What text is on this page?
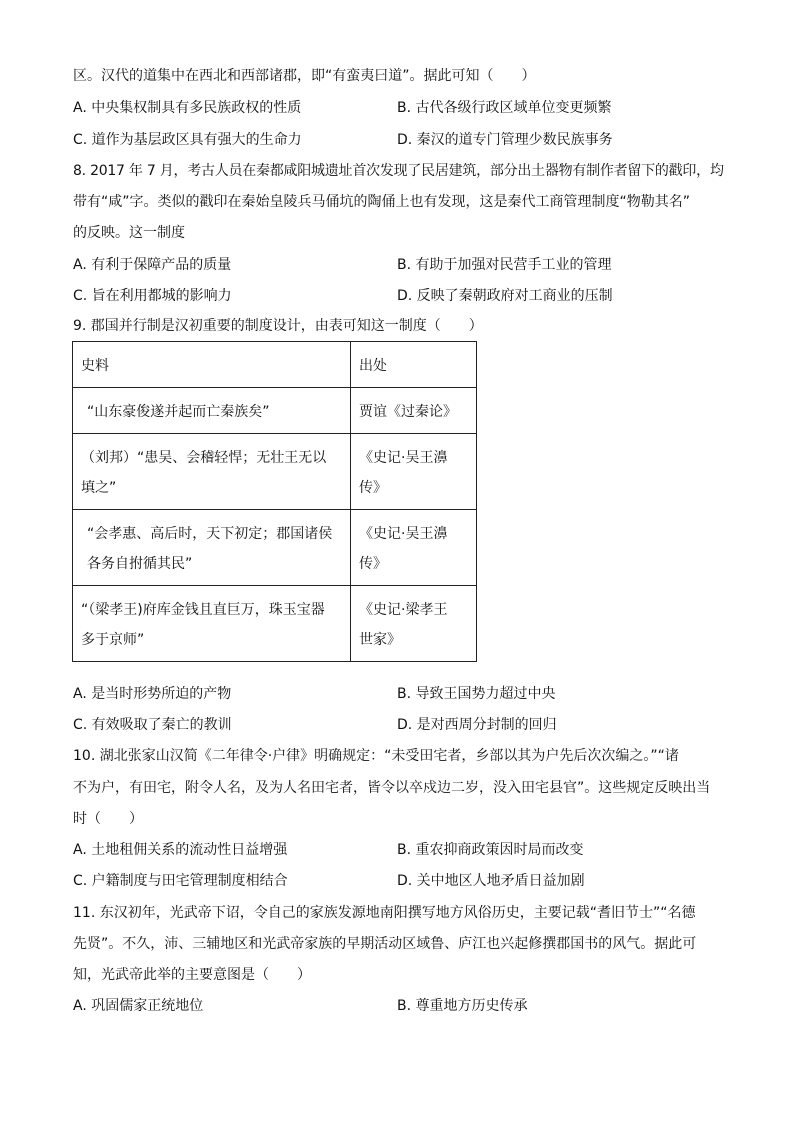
区。汉代的道集中在西北和西部诸郡，即“有蛮夷曰道”。据此可知（　　）
A. 中央集权制具有多民族政权的性质	B. 古代各级行政区域单位变更频繁
C. 道作为基层政区具有强大的生命力	D. 秦汉的道专门管理少数民族事务
8. 2017 年 7 月，考古人员在秦都咸阳城遗址首次发现了民居建筑，部分出土器物有制作者留下的戳印，均
带有“咸”字。类似的戳印在秦始皇陵兵马俑坑的陶俑上也有发现，这是秦代工商管理制度“物勒其名”
的反映。这一制度
A. 有利于保障产品的质量	B. 有助于加强对民营手工业的管理
C. 旨在利用都城的影响力	D. 反映了秦朝政府对工商业的压制
9. 郡国并行制是汉初重要的制度设计，由表可知这一制度（　　）
史料	出处
“山东豪俊遂并起而亡秦族矣”	贾谊《过秦论》
（刘邦）“患吴、会稽轻悍；无壮王无以
填之”	《史记·吴王濞
传》
“会孝惠、高后时，天下初定；郡国诸侯
各务自拊循其民”	《史记·吴王濞
传》
“（梁孝王)府库金钱且直巨万，珠玉宝器
多于京师”	《史记·梁孝王
世家》
A. 是当时形势所迫的产物	B. 导致王国势力超过中央
C. 有效吸取了秦亡的教训	D. 是对西周分封制的回归
10. 湖北张家山汉简《二年律令·户律》明确规定：“未受田宅者，乡部以其为户先后次次编之。”“诸
不为户，有田宅，附令人名，及为人名田宅者，皆令以卒戍边二岁，没入田宅县官”。这些规定反映出当
时（　　）
A. 土地租佣关系的流动性日益增强	B. 重农抑商政策因时局而改变
C. 户籍制度与田宅管理制度相结合	D. 关中地区人地矛盾日益加剧
11. 东汉初年，光武帝下诏，令自己的家族发源地南阳撰写地方风俗历史，主要记载“耆旧节士”“名德
先贤”。不久，沛、三辅地区和光武帝家族的早期活动区域鲁、庐江也兴起修撰郡国书的风气。据此可
知，光武帝此举的主要意图是（　　）
A. 巩固儒家正统地位	B. 尊重地方历史传承
